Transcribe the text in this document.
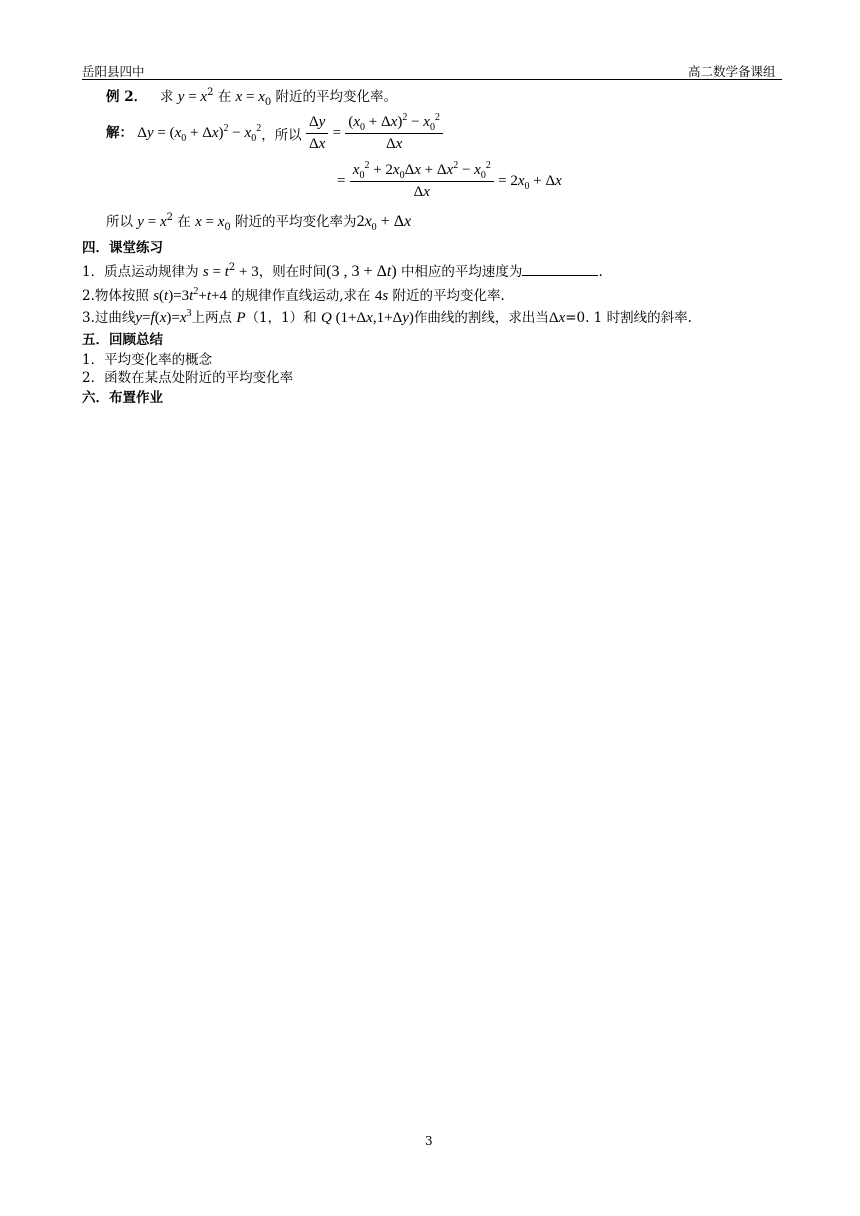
岳阳县四中	高二数学备课组
例 2． 求 $y = x^2$ 在 $x = x_0$ 附近的平均变化率。
解： $\Delta y = (x_0 + \Delta x)^2 - x_0^2$，所以 $\frac{\Delta y}{\Delta x} = \frac{(x_0 + \Delta x)^2 - x_0^2}{\Delta x}$
= $\frac{x_0^2 + 2x_0\Delta x + \Delta x^2 - x_0^2}{\Delta x} = 2x_0 + \Delta x$
所以 $y = x^2$ 在 $x = x_0$ 附近的平均变化率为$2x_0 + \Delta x$
四．课堂练习
1．质点运动规律为 $s = t^2 + 3$，则在时间(3 , 3 + Δt) 中相应的平均速度为	.
2.物体按照 $s(t)=3t^2+t+4$ 的规律作直线运动,求在 4s 附近的平均变化率.
3.过曲线$y=f(x)=x^3$上两点 P（1，1）和 Q (1+Δx,1+Δy)作曲线的割线，求出当Δx=0. 1 时割线的斜率.
五．回顾总结
1．平均变化率的概念
2．函数在某点处附近的平均变化率
六．布置作业
3
